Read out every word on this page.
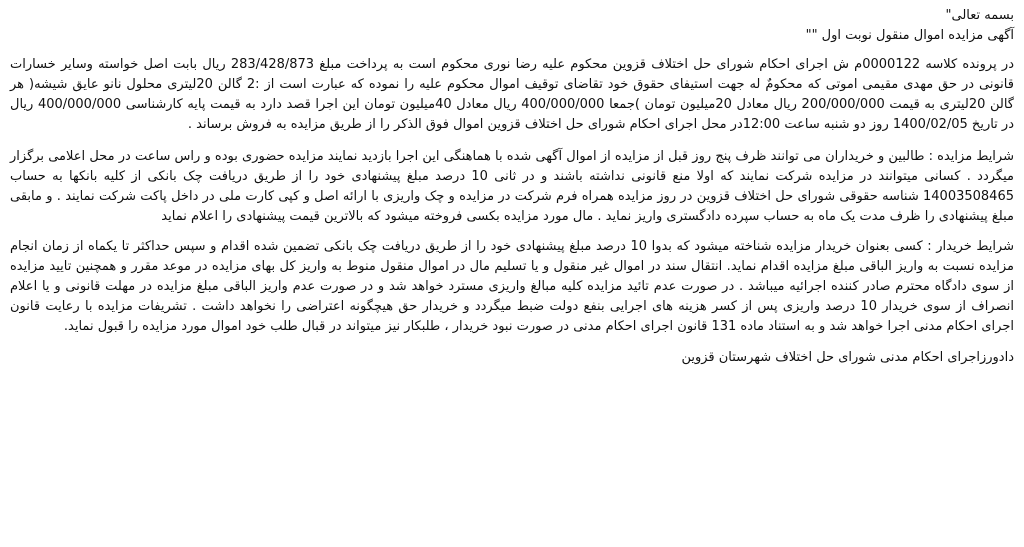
بسمه تعالی"
آگهی مزایده اموال منقول نوبت اول ""

در پرونده کلاسه 0000122م ش اجرای احکام شورای حل اختلاف قزوین محکوم علیه رضا نوری محکوم است به پرداخت مبلغ 283/428/873 ریال بابت اصل خواسته وسایر خسارات قانونی در حق مهدی مقیمی اموتی که محکومٌ له جهت استیفای حقوق خود تقاضای توقیف اموال محکوم علیه را نموده که عبارت است از :2 گالن 20لیتری محلول نانو عایق شیشه( هر گالن 20لیتری به قیمت 200/000/000 ریال معادل 20میلیون تومان )جمعا 400/000/000 ریال معادل 40میلیون تومان این اجرا قصد دارد به قیمت پایه کارشناسی 400/000/000 ریال در تاریخ 1400/02/05 روز دو شنبه ساعت 12:00در محل اجرای احکام شورای حل اختلاف قزوین اموال فوق الذکر را از طریق مزایده به فروش برساند .

شرایط مزایده : طالبین و خریداران می توانند ظرف پنج روز قبل از مزایده از اموال آگهی شده با هماهنگی این اجرا بازدید نمایند مزایده حضوری بوده و راس ساعت در محل اعلامی برگزار میگردد . کسانی میتوانند در مزایده شرکت نمایند که اولا منع قانونی نداشته باشند و در ثانی 10 درصد مبلغ پیشنهادی خود را از طریق دریافت چک بانکی از کلیه بانکها به حساب 14003508465 شناسه حقوقی شورای حل اختلاف قزوین در روز مزایده همراه فرم شرکت در مزایده و چک واریزی با ارائه اصل و کپی کارت ملی در داخل پاکت شرکت نمایند . و مابقی مبلغ پیشنهادی را ظرف مدت یک ماه به حساب سپرده دادگستری واریز نماید . مال مورد مزایده بکسی فروخته میشود که بالاترین قیمت پیشنهادی را اعلام نماید

شرایط خریدار : کسی بعنوان خریدار مزایده شناخته میشود که بدوا 10 درصد مبلغ پیشنهادی خود را از طریق دریافت چک بانکی تضمین شده اقدام و سپس حداکثر تا یکماه از زمان انجام مزایده نسبت به واریز الباقی مبلغ مزایده اقدام نماید. انتقال سند در اموال غیر منقول و یا تسلیم مال در اموال منقول منوط به واریز کل بهای مزایده در موعد مقرر و همچنین تایید مزایده از سوی دادگاه محترم صادر کننده اجرائیه میباشد . در صورت عدم تائید مزایده کلیه مبالغ واریزی مسترد خواهد شد و در صورت عدم واریز الباقی مبلغ مزایده در مهلت قانونی و یا اعلام انصراف از سوی خریدار 10 درصد واریزی پس از کسر هزینه های اجرایی بنفع دولت ضبط میگردد و خریدار حق هیچگونه اعتراضی را نخواهد داشت . تشریفات مزایده با رعایت قانون اجرای احکام مدنی اجرا خواهد شد و به استناد ماده 131 قانون اجرای احکام مدنی در صورت نبود خریدار ، طلبکار نیز میتواند در قبال طلب خود اموال مورد مزایده را قبول نماید.

دادورزاجرای احکام مدنی شورای حل اختلاف شهرستان قزوین
